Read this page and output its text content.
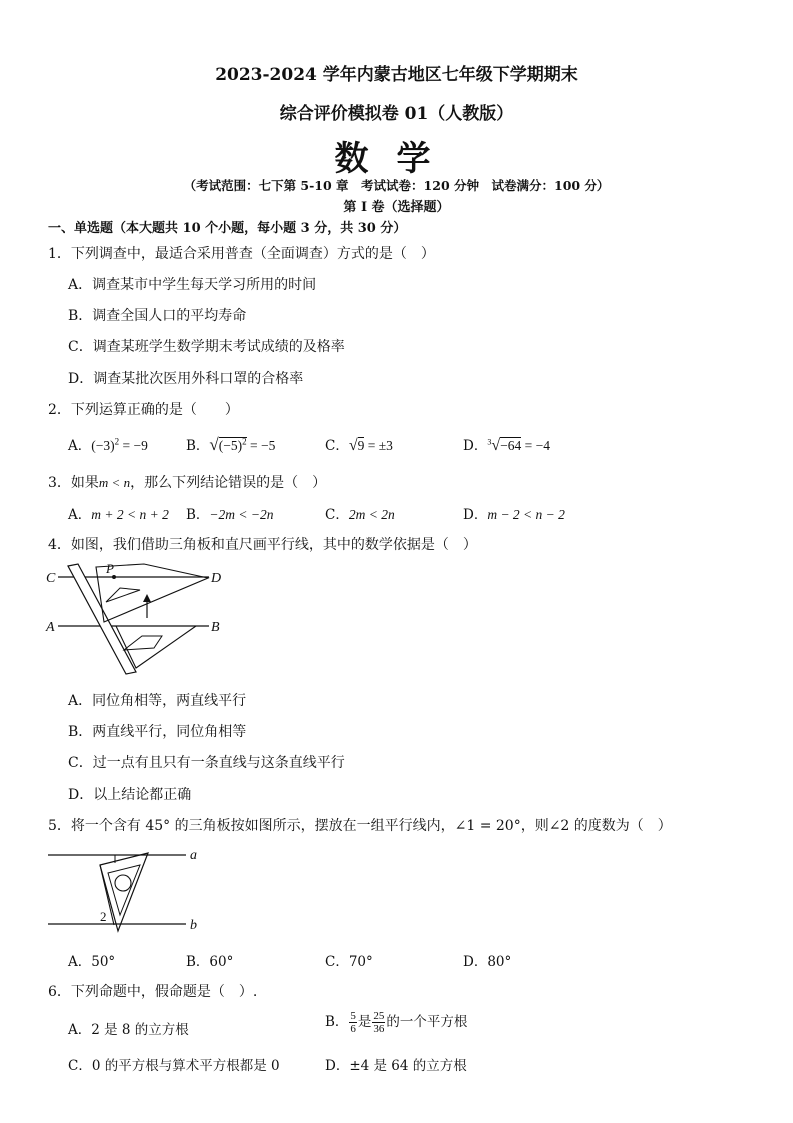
2023-2024 学年内蒙古地区七年级下学期期末
综合评价模拟卷 01（人教版）
数学
（考试范围：七下第 5-10 章　考试试卷：120 分钟　试卷满分：100 分）
第 I 卷（选择题）
一、单选题（本大题共 10 个小题，每小题 3 分，共 30 分）
1．下列调查中，最适合采用普查（全面调查）方式的是（　）
A．调查某市中学生每天学习所用的时间
B．调查全国人口的平均寿命
C．调查某班学生数学期末考试成绩的及格率
D．调查某批次医用外科口罩的合格率
2．下列运算正确的是（　　）
A．$(-3)^2 = -9$	B．$√(-5)^2 = -5$	C．√9 = ±3	D．$^3$√−64 = −4
3．如果m < n，那么下列结论错误的是（　）
A．m + 2 < n + 2 B．−2m < −2n	C．2m < 2n	D．m − 2 < n − 2
4．如图，我们借助三角板和直尺画平行线，其中的数学依据是（　）
C
P
D
A	B
A．同位角相等，两直线平行
B．两直线平行，同位角相等
C．过一点有且只有一条直线与这条直线平行
D．以上结论都正确
5．将一个含有 45° 的三角板按如图所示，摆放在一组平行线内，∠1 = 20°，则∠2 的度数为（　）
2
a
b
A．50°	B．60°	C．70°	D．80°
6．下列命题中，假命题是（　）.
A．2 是 8 的立方根	B． $\frac{5}{6}$ 是 $\frac{25}{36}$ 的一个平方根
C．0 的平方根与算术平方根都是 0	D．±4 是 64 的立方根
